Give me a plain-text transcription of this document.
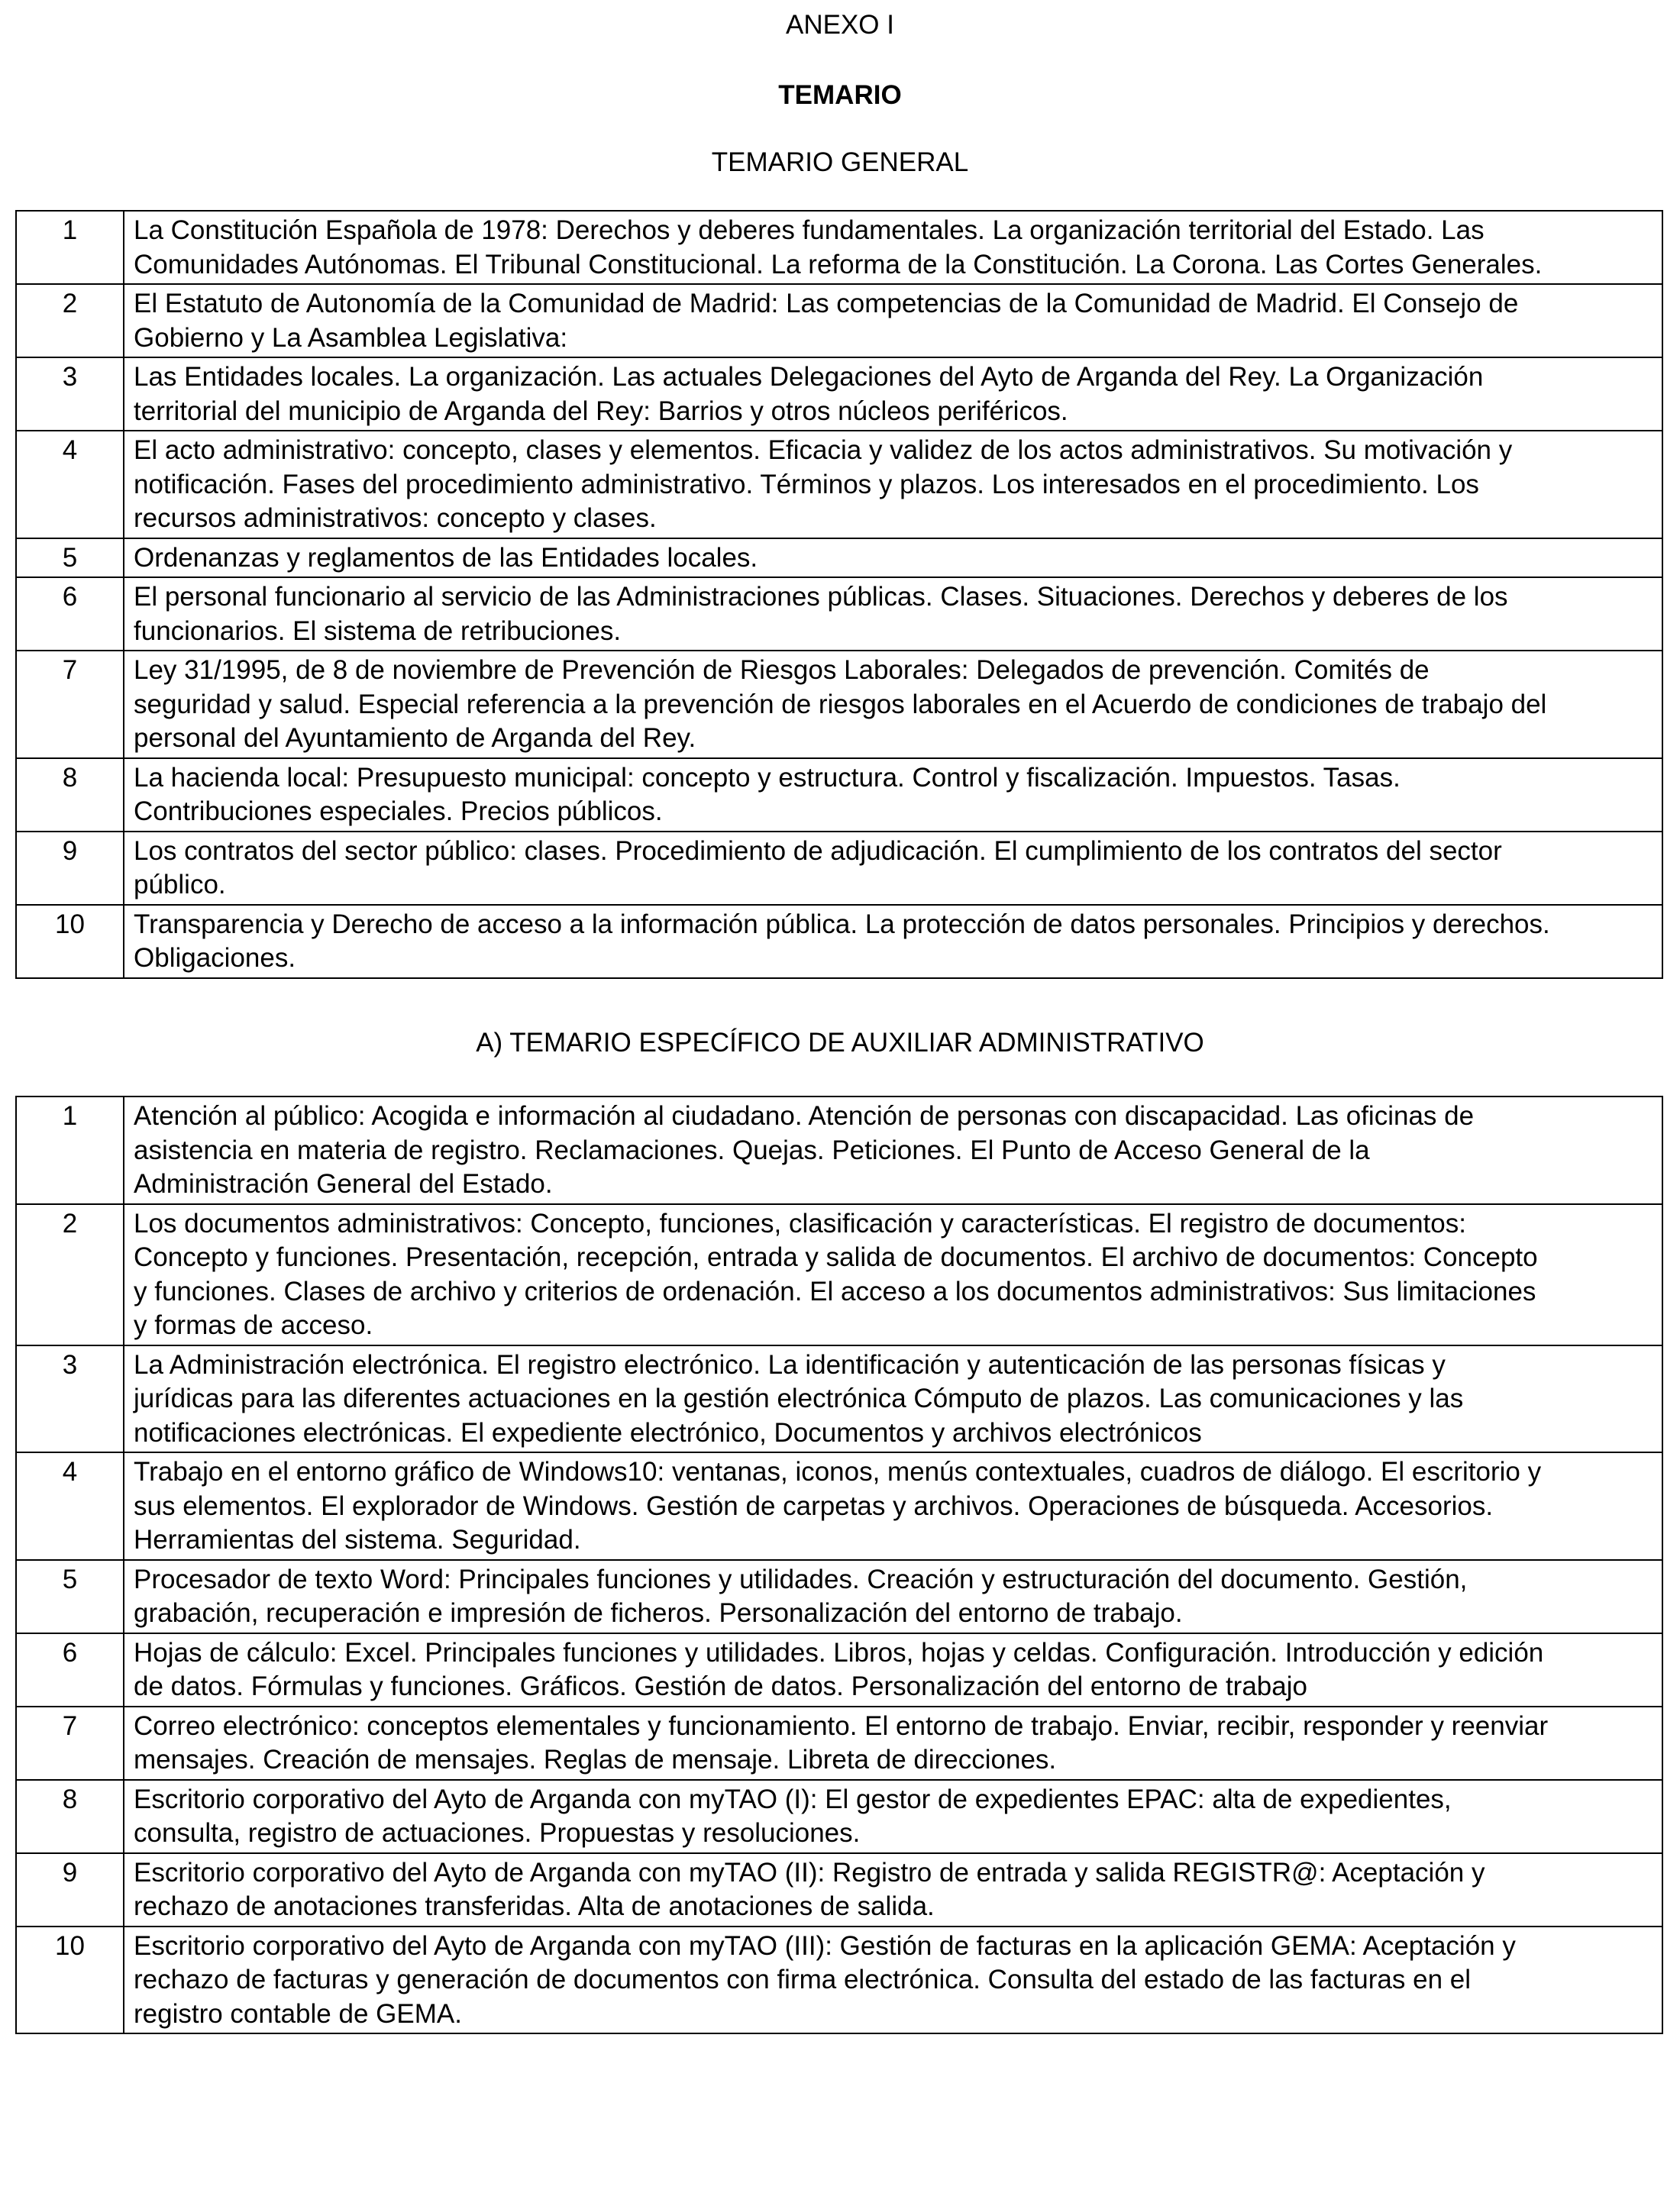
ANEXO I
TEMARIO
TEMARIO GENERAL
1	La Constitución Española de 1978: Derechos y deberes fundamentales. La organización territorial del Estado. Las
Comunidades Autónomas. El Tribunal Constitucional. La reforma de la Constitución. La Corona. Las Cortes Generales.
2	El Estatuto de Autonomía de la Comunidad de Madrid: Las competencias de la Comunidad de Madrid. El Consejo de
Gobierno y La Asamblea Legislativa:
3	Las Entidades locales. La organización. Las actuales Delegaciones del Ayto de Arganda del Rey. La Organización
territorial del municipio de Arganda del Rey: Barrios y otros núcleos periféricos.
4	El acto administrativo: concepto, clases y elementos. Eficacia y validez de los actos administrativos. Su motivación y
notificación. Fases del procedimiento administrativo. Términos y plazos. Los interesados en el procedimiento. Los
recursos administrativos: concepto y clases.
5	Ordenanzas y reglamentos de las Entidades locales.
6	El personal funcionario al servicio de las Administraciones públicas. Clases. Situaciones. Derechos y deberes de los
funcionarios. El sistema de retribuciones.
7	Ley 31/1995, de 8 de noviembre de Prevención de Riesgos Laborales: Delegados de prevención. Comités de
seguridad y salud. Especial referencia a la prevención de riesgos laborales en el Acuerdo de condiciones de trabajo del
personal del Ayuntamiento de Arganda del Rey.
8	La hacienda local: Presupuesto municipal: concepto y estructura. Control y fiscalización. Impuestos. Tasas.
Contribuciones especiales. Precios públicos.
9	Los contratos del sector público: clases. Procedimiento de adjudicación. El cumplimiento de los contratos del sector
público.
10	Transparencia y Derecho de acceso a la información pública. La protección de datos personales. Principios y derechos.
Obligaciones.
A) TEMARIO ESPECÍFICO DE AUXILIAR ADMINISTRATIVO
1	Atención al público: Acogida e información al ciudadano. Atención de personas con discapacidad. Las oficinas de
asistencia en materia de registro. Reclamaciones. Quejas. Peticiones. El Punto de Acceso General de la
Administración General del Estado.
2	Los documentos administrativos: Concepto, funciones, clasificación y características. El registro de documentos:
Concepto y funciones. Presentación, recepción, entrada y salida de documentos. El archivo de documentos: Concepto
y funciones. Clases de archivo y criterios de ordenación. El acceso a los documentos administrativos: Sus limitaciones
y formas de acceso.
3	La Administración electrónica. El registro electrónico. La identificación y autenticación de las personas físicas y
jurídicas para las diferentes actuaciones en la gestión electrónica Cómputo de plazos. Las comunicaciones y las
notificaciones electrónicas. El expediente electrónico, Documentos y archivos electrónicos
4	Trabajo en el entorno gráfico de Windows10: ventanas, iconos, menús contextuales, cuadros de diálogo. El escritorio y
sus elementos. El explorador de Windows. Gestión de carpetas y archivos. Operaciones de búsqueda. Accesorios.
Herramientas del sistema. Seguridad.
5	Procesador de texto Word: Principales funciones y utilidades. Creación y estructuración del documento. Gestión,
grabación, recuperación e impresión de ficheros. Personalización del entorno de trabajo.
6	Hojas de cálculo: Excel. Principales funciones y utilidades. Libros, hojas y celdas. Configuración. Introducción y edición
de datos. Fórmulas y funciones. Gráficos. Gestión de datos. Personalización del entorno de trabajo
7	Correo electrónico: conceptos elementales y funcionamiento. El entorno de trabajo. Enviar, recibir, responder y reenviar
mensajes. Creación de mensajes. Reglas de mensaje. Libreta de direcciones.
8	Escritorio corporativo del Ayto de Arganda con myTAO (I): El gestor de expedientes EPAC: alta de expedientes,
consulta, registro de actuaciones. Propuestas y resoluciones.
9	Escritorio corporativo del Ayto de Arganda con myTAO (II): Registro de entrada y salida REGISTR@: Aceptación y
rechazo de anotaciones transferidas. Alta de anotaciones de salida.
10	Escritorio corporativo del Ayto de Arganda con myTAO (III): Gestión de facturas en la aplicación GEMA: Aceptación y
rechazo de facturas y generación de documentos con firma electrónica. Consulta del estado de las facturas en el
registro contable de GEMA.
